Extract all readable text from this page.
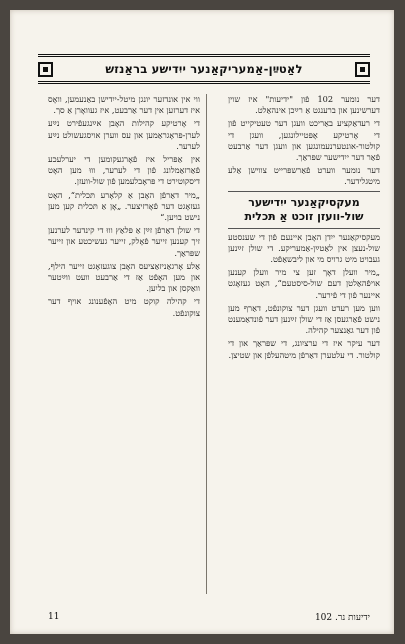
לאַטײַן-אַמעריקאַנער ייִדישע בראַנזש

דער נומער 102 פֿון "ידיעות" איז שוין דערשינען און ברענגט אַ רײַכן אינהאַלט.

די רעדאַקציע באַריכט וועגן דער טעטיקייט פֿון די אָרטיקע אָפּטיילונגען, וועגן די קולטור-אונטערנעמונגען און וועגן דער אַרבעט פֿאַר דער ייִדישער שפּראַך.

דער נומער ווערט פֿאַרשפּרייט צווישן אַלע מיטגלידער.

מעקסיקאַנער ייִדישער שול-וועזן זוכט אַ תּכלית

מעקסיקאַנער ייִדן האָבן איינעם פֿון די שענסטע שול-נעצן אין לאַטײַן-אַמעריקע. די שולן זײַנען געבויט מיט גרויס מי און ליבשאַפֿט.

„מיר וועלן דאָך זען צי מיר וועלן קענען אויפֿהאַלטן דעם שול-סיסטעם“, האָט געזאָגט איינער פֿון די פֿירער.

ווען מען רעדט וועגן דער צוקונפֿט, דאַרף מען נישט פֿאַרגעסן אַז די שולן זײַנען דער פֿונדאַמענט פֿון דער גאַנצער קהילה.

דער עיקר איז די ערציִונג, די שפּראַך און די קולטור. די עלטערן דאַרפֿן מיטהעלפֿן און שטיצן.

ווי אין אונדזער יונגן מיטל-ייִדישן באַנעמען, וואָס איז דערזען אין דער אַרבעט, איז געוואָרן אַ סך.

די אָרטיקע קהילות האָבן אײַנגעפֿירט נײַע לערן-פּראָגראַמען און עס ווערן אויסגעשולט נײַע לערער.

אין אַפּריל איז פֿאָרגעקומען די יערלעכע פֿאַרזאַמלונג פֿון די לערער, וווּ מען האָט דיסקוטירט די פּראָבלעמען פֿון שול-וועזן.

„מיר דאַרפֿן האָבן אַ קלאָרע תּכלית“, האָט געזאָגט דער פֿאָרזיצער. „אָן אַ תּכלית קען מען נישט בויען.“

די שולן דאַרפֿן זײַן אַ פּלאַץ וווּ די קינדער לערנען זיך קענען זייער פֿאָלק, זייער געשיכטע און זייער שפּראַך.

אַלע אָרגאַניזאַציעס האָבן צוגעזאָגט זייער הילף, און מען האָפֿט אַז די אַרבעט וועט ווײַטער וואַקסן און בליִען.

די קהילה קוקט מיט האָפֿענונג אויף דער צוקונפֿט.

11	ידיעות נר. 102
